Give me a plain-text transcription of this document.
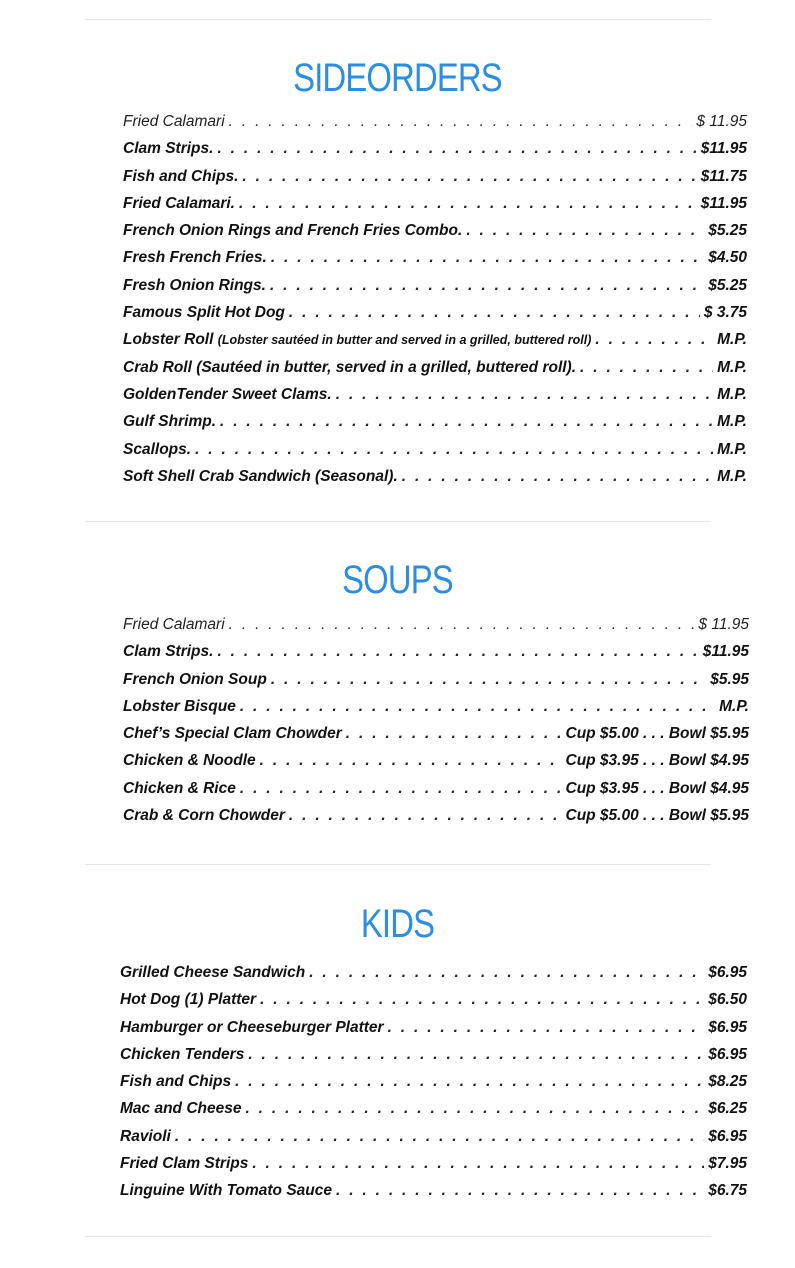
SIDEORDERS
Fried Calamari . . .	$ 11.95
Clam Strips. . . .	$11.95
Fish and Chips. . . .	$11.75
Fried Calamari. . . .	$11.95
French Onion Rings and French Fries Combo. . . .	$5.25
Fresh French Fries. . . .	$4.50
Fresh Onion Rings. . . .	$5.25
Famous Split Hot Dog . . .	$ 3.75
Lobster Roll (Lobster sautéed in butter and served in a grilled, buttered roll) . . .	M.P.
Crab Roll (Sautéed in butter, served in a grilled, buttered roll). . . .	M.P.
GoldenTender Sweet Clams. . . .	M.P.
Gulf Shrimp. . . .	M.P.
Scallops. . . .	M.P.
Soft Shell Crab Sandwich (Seasonal). . . .	M.P.
SOUPS
Fried Calamari . . .	$ 11.95
Clam Strips. . . .	$11.95
French Onion Soup . . .	$5.95
Lobster Bisque . . .	M.P.
Chef’s Special Clam Chowder . . .	Cup $5.00 . . . Bowl $5.95
Chicken & Noodle . . .	Cup $3.95 . . . Bowl $4.95
Chicken & Rice . . .	Cup $3.95 . . . Bowl $4.95
Crab & Corn Chowder . . .	Cup $5.00 . . . Bowl $5.95
KIDS
Grilled Cheese Sandwich . . .	$6.95
Hot Dog (1) Platter . . .	$6.50
Hamburger or Cheeseburger Platter . . .	$6.95
Chicken Tenders . . .	$6.95
Fish and Chips . . .	$8.25
Mac and Cheese . . .	$6.25
Ravioli . . .	$6.95
Fried Clam Strips . . .	$7.95
Linguine With Tomato Sauce . . .	$6.75
